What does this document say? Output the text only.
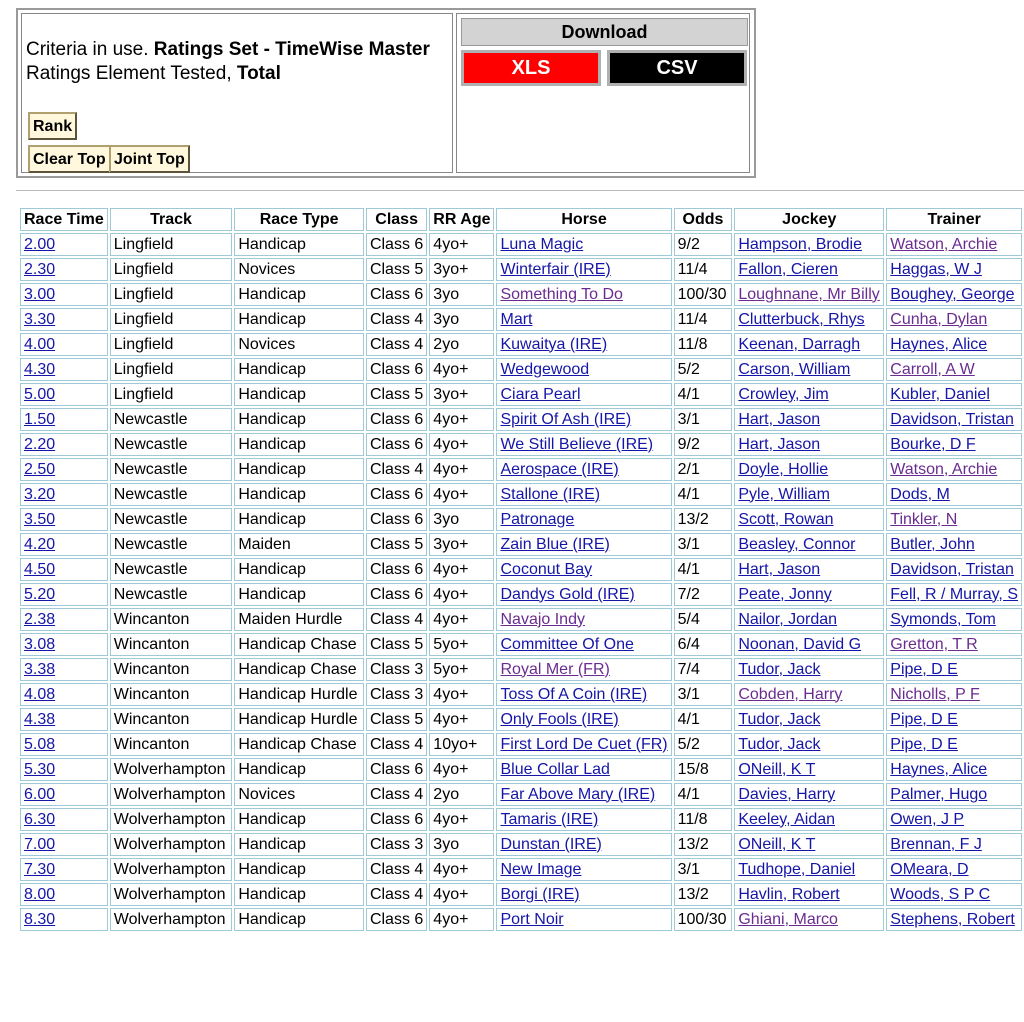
Criteria in use. Ratings Set - TimeWise Master
Ratings Element Tested, Total
Rank
Clear Top Joint Top
Download
XLS	CSV
Race Time	Track	Race Type	Class	RR Age	Horse	Odds	Jockey	Trainer
2.00	Lingfield	Handicap	Class 6	4yo+	Luna Magic	9/2	Hampson, Brodie	Watson, Archie
2.30	Lingfield	Novices	Class 5	3yo+	Winterfair (IRE)	11/4	Fallon, Cieren	Haggas, W J
3.00	Lingfield	Handicap	Class 6	3yo	Something To Do	100/30	Loughnane, Mr Billy	Boughey, George
3.30	Lingfield	Handicap	Class 4	3yo	Mart	11/4	Clutterbuck, Rhys	Cunha, Dylan
4.00	Lingfield	Novices	Class 4	2yo	Kuwaitya (IRE)	11/8	Keenan, Darragh	Haynes, Alice
4.30	Lingfield	Handicap	Class 6	4yo+	Wedgewood	5/2	Carson, William	Carroll, A W
5.00	Lingfield	Handicap	Class 5	3yo+	Ciara Pearl	4/1	Crowley, Jim	Kubler, Daniel
1.50	Newcastle	Handicap	Class 6	4yo+	Spirit Of Ash (IRE)	3/1	Hart, Jason	Davidson, Tristan
2.20	Newcastle	Handicap	Class 6	4yo+	We Still Believe (IRE)	9/2	Hart, Jason	Bourke, D F
2.50	Newcastle	Handicap	Class 4	4yo+	Aerospace (IRE)	2/1	Doyle, Hollie	Watson, Archie
3.20	Newcastle	Handicap	Class 6	4yo+	Stallone (IRE)	4/1	Pyle, William	Dods, M
3.50	Newcastle	Handicap	Class 6	3yo	Patronage	13/2	Scott, Rowan	Tinkler, N
4.20	Newcastle	Maiden	Class 5	3yo+	Zain Blue (IRE)	3/1	Beasley, Connor	Butler, John
4.50	Newcastle	Handicap	Class 6	4yo+	Coconut Bay	4/1	Hart, Jason	Davidson, Tristan
5.20	Newcastle	Handicap	Class 6	4yo+	Dandys Gold (IRE)	7/2	Peate, Jonny	Fell, R / Murray, S
2.38	Wincanton	Maiden Hurdle	Class 4	4yo+	Navajo Indy	5/4	Nailor, Jordan	Symonds, Tom
3.08	Wincanton	Handicap Chase	Class 5	5yo+	Committee Of One	6/4	Noonan, David G	Gretton, T R
3.38	Wincanton	Handicap Chase	Class 3	5yo+	Royal Mer (FR)	7/4	Tudor, Jack	Pipe, D E
4.08	Wincanton	Handicap Hurdle	Class 3	4yo+	Toss Of A Coin (IRE)	3/1	Cobden, Harry	Nicholls, P F
4.38	Wincanton	Handicap Hurdle	Class 5	4yo+	Only Fools (IRE)	4/1	Tudor, Jack	Pipe, D E
5.08	Wincanton	Handicap Chase	Class 4	10yo+	First Lord De Cuet (FR)	5/2	Tudor, Jack	Pipe, D E
5.30	Wolverhampton	Handicap	Class 6	4yo+	Blue Collar Lad	15/8	ONeill, K T	Haynes, Alice
6.00	Wolverhampton	Novices	Class 4	2yo	Far Above Mary (IRE)	4/1	Davies, Harry	Palmer, Hugo
6.30	Wolverhampton	Handicap	Class 6	4yo+	Tamaris (IRE)	11/8	Keeley, Aidan	Owen, J P
7.00	Wolverhampton	Handicap	Class 3	3yo	Dunstan (IRE)	13/2	ONeill, K T	Brennan, F J
7.30	Wolverhampton	Handicap	Class 4	4yo+	New Image	3/1	Tudhope, Daniel	OMeara, D
8.00	Wolverhampton	Handicap	Class 4	4yo+	Borgi (IRE)	13/2	Havlin, Robert	Woods, S P C
8.30	Wolverhampton	Handicap	Class 6	4yo+	Port Noir	100/30	Ghiani, Marco	Stephens, Robert
